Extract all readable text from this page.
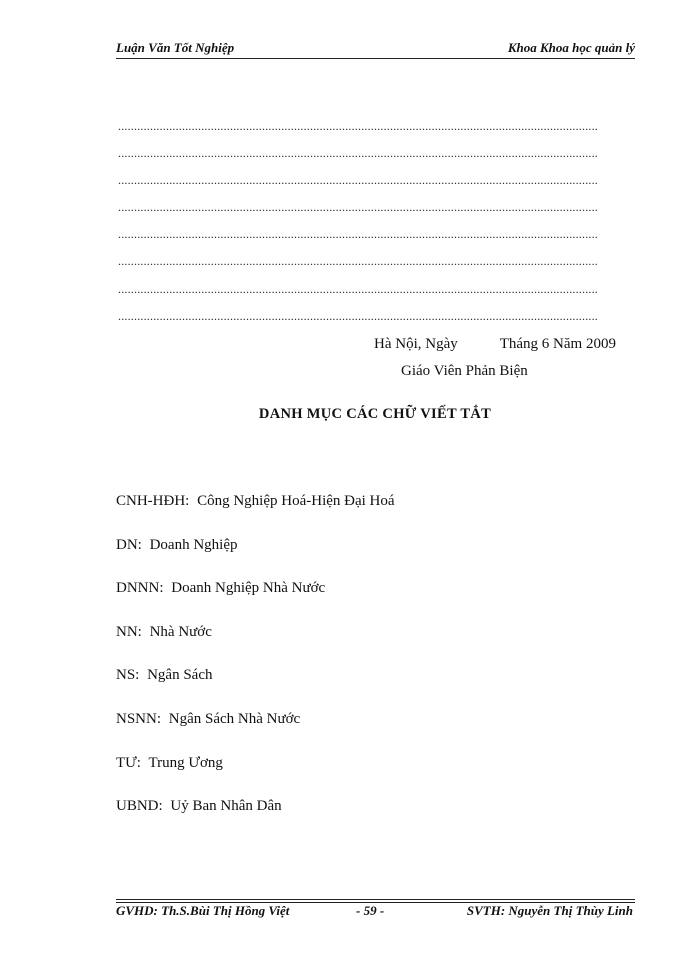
Luận Văn Tốt Nghiệp	Khoa Khoa học quản lý
......................................................................................................................................................
......................................................................................................................................................
......................................................................................................................................................
......................................................................................................................................................
......................................................................................................................................................
......................................................................................................................................................
......................................................................................................................................................
......................................................................................................................................................
Hà Nội, Ngày	Tháng 6 Năm 2009
Giáo Viên Phản Biện
DANH MỤC CÁC CHỮ VIẾT TẮT
CNH-HĐH: Công Nghiệp Hoá-Hiện Đại Hoá
DN: Doanh Nghiệp
DNNN: Doanh Nghiệp Nhà Nước
NN: Nhà Nước
NS: Ngân Sách
NSNN: Ngân Sách Nhà Nước
TƯ: Trung Ương
UBND: Uỷ Ban Nhân Dân
GVHD: Th.S.Bùi Thị Hồng Việt	- 59 -	SVTH: Nguyễn Thị Thùy Linh
